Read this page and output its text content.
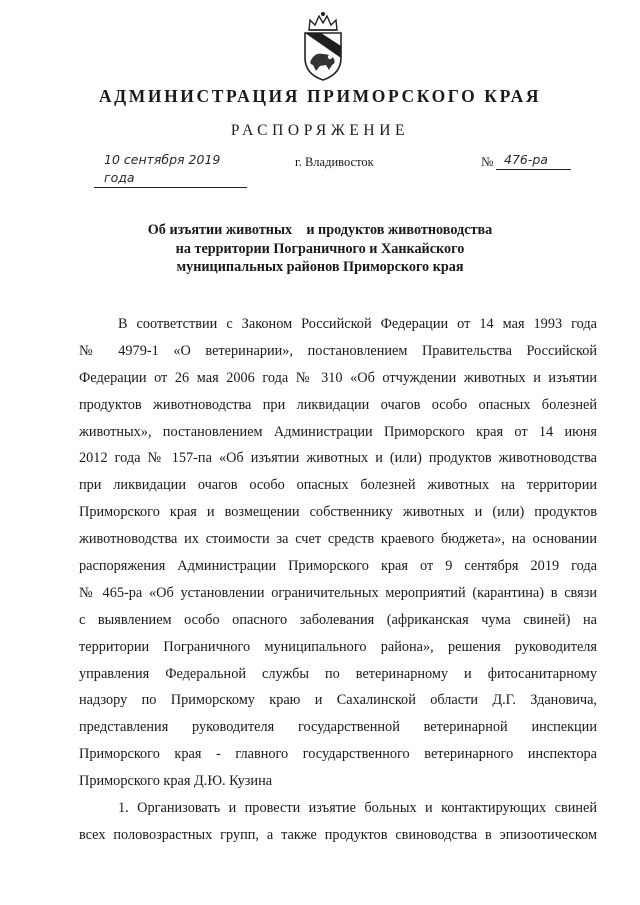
АДМИНИСТРАЦИЯ ПРИМОРСКОГО КРАЯ
РАСПОРЯЖЕНИЕ
10 сентября 2019 года
г. Владивосток	№ 476-ра
Об изъятии животных    и продуктов животноводства
на территории Пограничного и Ханкайского
муниципальных районов Приморского края
В соответствии с Законом Российской Федерации от 14 мая 1993 года
№ 4979-1 «О ветеринарии», постановлением Правительства Российской
Федерации от 26 мая 2006 года № 310 «Об отчуждении животных и изъятии
продуктов животноводства при ликвидации очагов особо опасных болезней
животных», постановлением Администрации Приморского края от 14 июня
2012 года № 157-па «Об изъятии животных и (или) продуктов животноводства
при ликвидации очагов особо опасных болезней животных на территории
Приморского края и возмещении собственнику животных и (или) продуктов
животноводства их стоимости за счет средств краевого бюджета», на основании
распоряжения Администрации Приморского края от 9 сентября 2019 года
№ 465-ра «Об установлении ограничительных мероприятий (карантина) в связи
с выявлением особо опасного заболевания (африканская чума свиней) на
территории Пограничного муниципального района», решения руководителя
управления Федеральной службы по ветеринарному и фитосанитарному
надзору по Приморскому краю и Сахалинской области Д.Г. Здановича,
представления руководителя государственной ветеринарной инспекции
Приморского края - главного государственного ветеринарного инспектора
Приморского края Д.Ю. Кузина
1. Организовать и провести изъятие больных и контактирующих свиней
всех половозрастных групп, а также продуктов свиноводства в эпизоотическом
